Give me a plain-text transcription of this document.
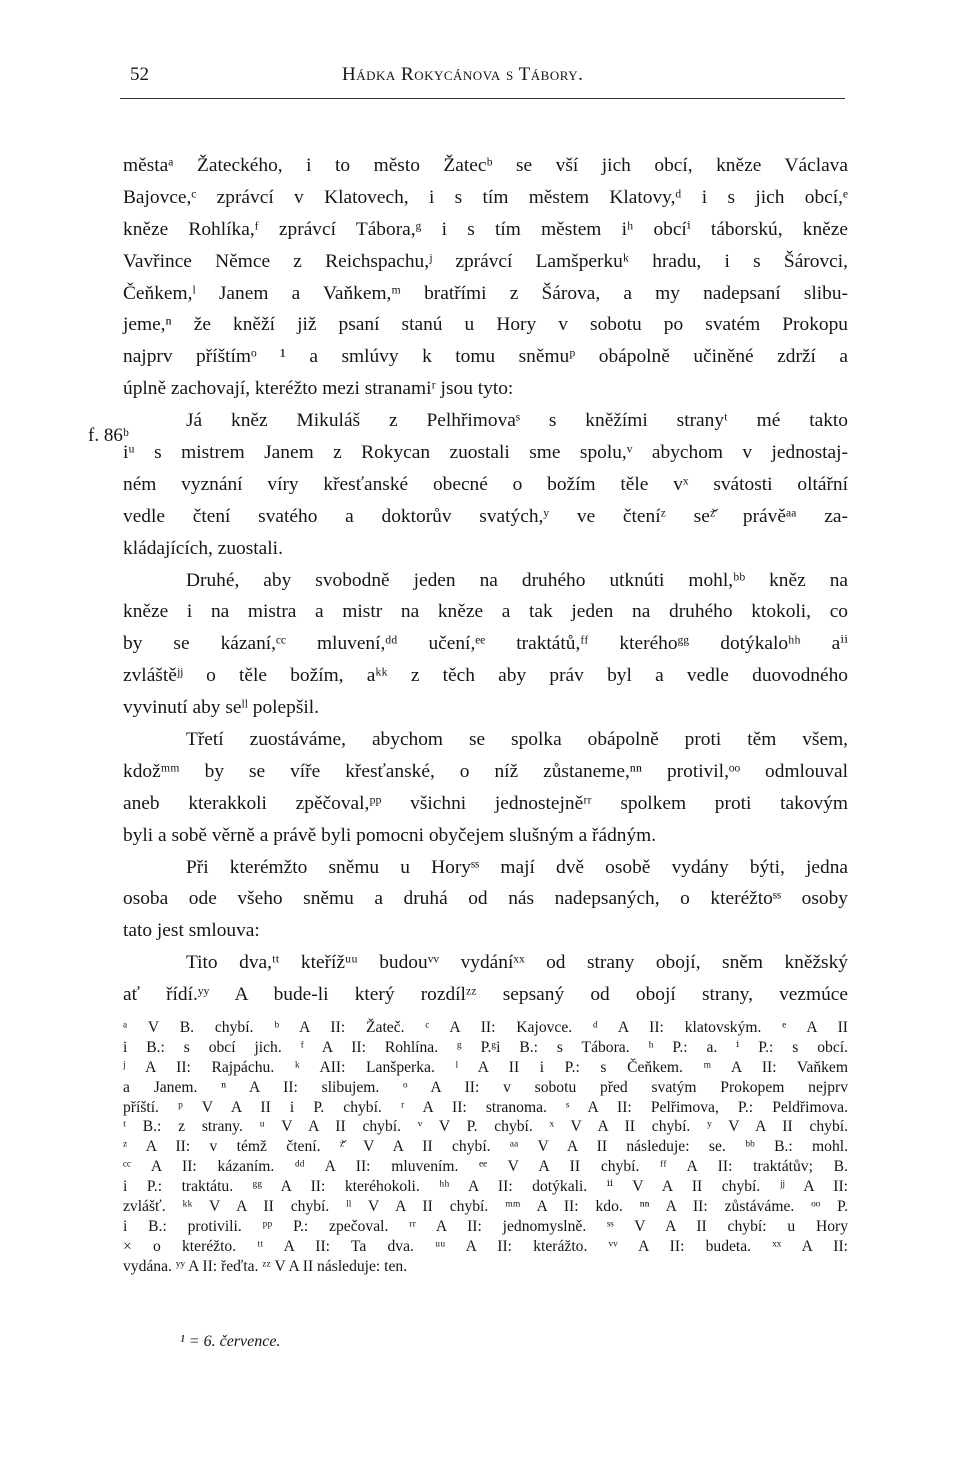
52	Hádka Rokycánova s Tábory.
f. 86ᵇ
městaᵃ Žateckého, i to město Žatecᵇ se vší jich obcí, kněze Václava
Bajovce,ᶜ zprávcí v Klatovech, i s tím městem Klatovy,ᵈ i s jich obcí,ᵉ
kněze Rohlíka,ᶠ zprávcí Tábora,ᵍ i s tím městem iʰ obcíⁱ táborskú, kněze
Vavřince Němce z Reichspachu,ʲ zprávcí Lamšperkuᵏ hradu, i s Šárovci,
Čeňkem,ˡ Janem a Vaňkem,ᵐ bratřími z Šárova, a my nadepsaní slibu-
jeme,ⁿ že kněží již psaní stanú u Hory v sobotu po svatém Prokopu
najprv příštímᵒ ¹ a smlúvy k tomu sněmuᵖ obápolně učiněné zdrží a
úplně zachovají, kteréžto mezi stranamiʳ jsou tyto:
Já kněz Mikuláš z Pelhřimovaˢ s kněžími stranyᵗ mé takto
iᵘ s mistrem Janem z Rokycan zuostali sme spolu,ᵛ abychom v jednostaj-
ném vyznání víry křesťanské obecné o božím těle vˣ svátosti oltářní
vedle čtení svatého a doktorův svatých,ʸ ve čteníᶻ seᶻ̌ právěᵃᵃ za-
kládajících, zuostali.
Druhé, aby svobodně jeden na druhého utknúti mohl,ᵇᵇ kněz na
kněze i na mistra a mistr na kněze a tak jeden na druhého ktokoli, co
by se kázaní,ᶜᶜ mluvení,ᵈᵈ učení,ᵉᵉ traktátů,ᶠᶠ kteréhoᵍᵍ dotýkaloʰʰ aⁱⁱ
zvláštěʲʲ o těle božím, aᵏᵏ z těch aby práv byl a vedle duovodného
vyvinutí aby seˡˡ polepšil.
Třetí zuostáváme, abychom se spolka obápolně proti těm všem,
kdožᵐᵐ by se víře křesťanské, o níž zůstaneme,ⁿⁿ protivil,ᵒᵒ odmlouval
aneb kterakkoli zpěčoval,ᵖᵖ všichni jednostejněʳʳ spolkem proti takovým
byli a sobě věrně a právě byli pomocni obyčejem slušným a řádným.
Při kterémžto sněmu u Horyˢˢ mají dvě osobě vydány býti, jedna
osoba ode všeho sněmu a druhá od nás nadepsaných, o kteréžtoˢˢ osoby
tato jest smlouva:
Tito dva,ᵗᵗ kteřížᵘᵘ budouᵛᵛ vydáníˣˣ od strany obojí, sněm kněžský
ať řídí.ʸʸ A bude-li který rozdílᶻᶻ sepsaný od obojí strany, vezmúce
ᵃ V B. chybí. ᵇ A II: Žateč. ᶜ A II: Kajovce. ᵈ A II: klatovským. ᵉ A II
i B.: s obcí jich. ᶠ A II: Rohlína. ᵍ P.ᵍi B.: s Tábora. ʰ P.: a. ⁱ P.: s obcí.
ʲ A II: Rajpáchu. ᵏ AII: Lanšperka. ˡ A II i P.: s Čeňkem. ᵐ A II: Vaňkem
a Janem. ⁿ A II: slibujem. ᵒ A II: v sobotu před svatým Prokopem nejprv
příští. ᵖ V A II i P. chybí. ʳ A II: stranoma. ˢ A II: Pelřimova, P.: Peldřimova.
ᵗ B.: z strany. ᵘ V A II chybí. ᵛ V P. chybí. ˣ V A II chybí. ʸ V A II chybí.
ᶻ A II: v témž čtení. ᶻ̌ V A II chybí. ᵃᵃ V A II následuje: se. ᵇᵇ B.: mohl.
ᶜᶜ A II: kázaním. ᵈᵈ A II: mluvením. ᵉᵉ V A II chybí. ᶠᶠ A II: traktátův; B.
i P.: traktátu. ᵍᵍ A II: kteréhokoli. ʰʰ A II: dotýkali. ⁱⁱ V A II chybí. ʲʲ A II:
zvlášť. ᵏᵏ V A II chybí. ˡˡ V A II chybí. ᵐᵐ A II: kdo. ⁿⁿ A II: zůstáváme. ᵒᵒ P.
i B.: protivili. ᵖᵖ P.: zpečoval. ʳʳ A II: jednomyslně. ˢˢ V A II chybí: u Hory
× o kteréžto. ᵗᵗ A II: Ta dva. ᵘᵘ A II: kterážto. ᵛᵛ A II: budeta. ˣˣ A II:
vydána. ʸʸ A II: řeďta. ᶻᶻ V A II následuje: ten.
¹ = 6. července.
